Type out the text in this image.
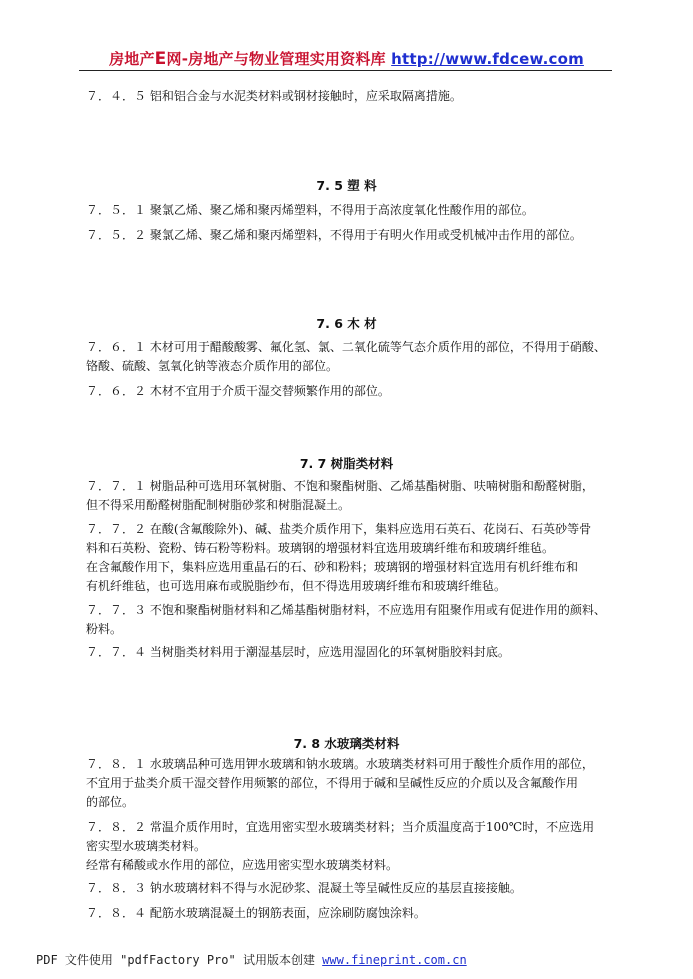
房地产E网-房地产与物业管理实用资料库 http://www.fdcew.com
７．４．５ 铝和铝合金与水泥类材料或钢材接触时，应采取隔离措施。
7. 5 塑 料
７．５．１ 聚氯乙烯、聚乙烯和聚丙烯塑料，不得用于高浓度氧化性酸作用的部位。
７．５．２ 聚氯乙烯、聚乙烯和聚丙烯塑料，不得用于有明火作用或受机械冲击作用的部位。
7. 6 木 材
７．６．１ 木材可用于醋酸酸雾、氟化氢、氯、二氧化硫等气态介质作用的部位，不得用于硝酸、
铬酸、硫酸、氢氧化钠等液态介质作用的部位。
７．６．２ 木材不宜用于介质干湿交替频繁作用的部位。
7. 7 树脂类材料
７．７．１ 树脂品种可选用环氧树脂、不饱和聚酯树脂、乙烯基酯树脂、呋喃树脂和酚醛树脂，
但不得采用酚醛树脂配制树脂砂浆和树脂混凝土。
７．７．２ 在酸(含氟酸除外)、碱、盐类介质作用下，集料应选用石英石、花岗石、石英砂等骨
料和石英粉、瓷粉、铸石粉等粉料。玻璃钢的增强材料宜选用玻璃纤维布和玻璃纤维毡。
在含氟酸作用下，集料应选用重晶石的石、砂和粉料；玻璃钢的增强材料宜选用有机纤维布和
有机纤维毡，也可选用麻布或脱脂纱布，但不得选用玻璃纤维布和玻璃纤维毡。
７．７．３ 不饱和聚酯树脂材料和乙烯基酯树脂材料，不应选用有阻聚作用或有促进作用的颜料、
粉料。
７．７．４ 当树脂类材料用于潮湿基层时，应选用湿固化的环氧树脂胶料封底。
7. 8 水玻璃类材料
７．８．１ 水玻璃品种可选用钾水玻璃和钠水玻璃。水玻璃类材料可用于酸性介质作用的部位，
不宜用于盐类介质干湿交替作用频繁的部位，不得用于碱和呈碱性反应的介质以及含氟酸作用
的部位。
７．８．２ 常温介质作用时，宜选用密实型水玻璃类材料；当介质温度高于100℃时，不应选用
密实型水玻璃类材料。
经常有稀酸或水作用的部位，应选用密实型水玻璃类材料。
７．８．３ 钠水玻璃材料不得与水泥砂浆、混凝土等呈碱性反应的基层直接接触。
７．８．４ 配筋水玻璃混凝土的钢筋表面，应涂刷防腐蚀涂料。
PDF 文件使用 "pdfFactory Pro" 试用版本创建 www.fineprint.com.cn
